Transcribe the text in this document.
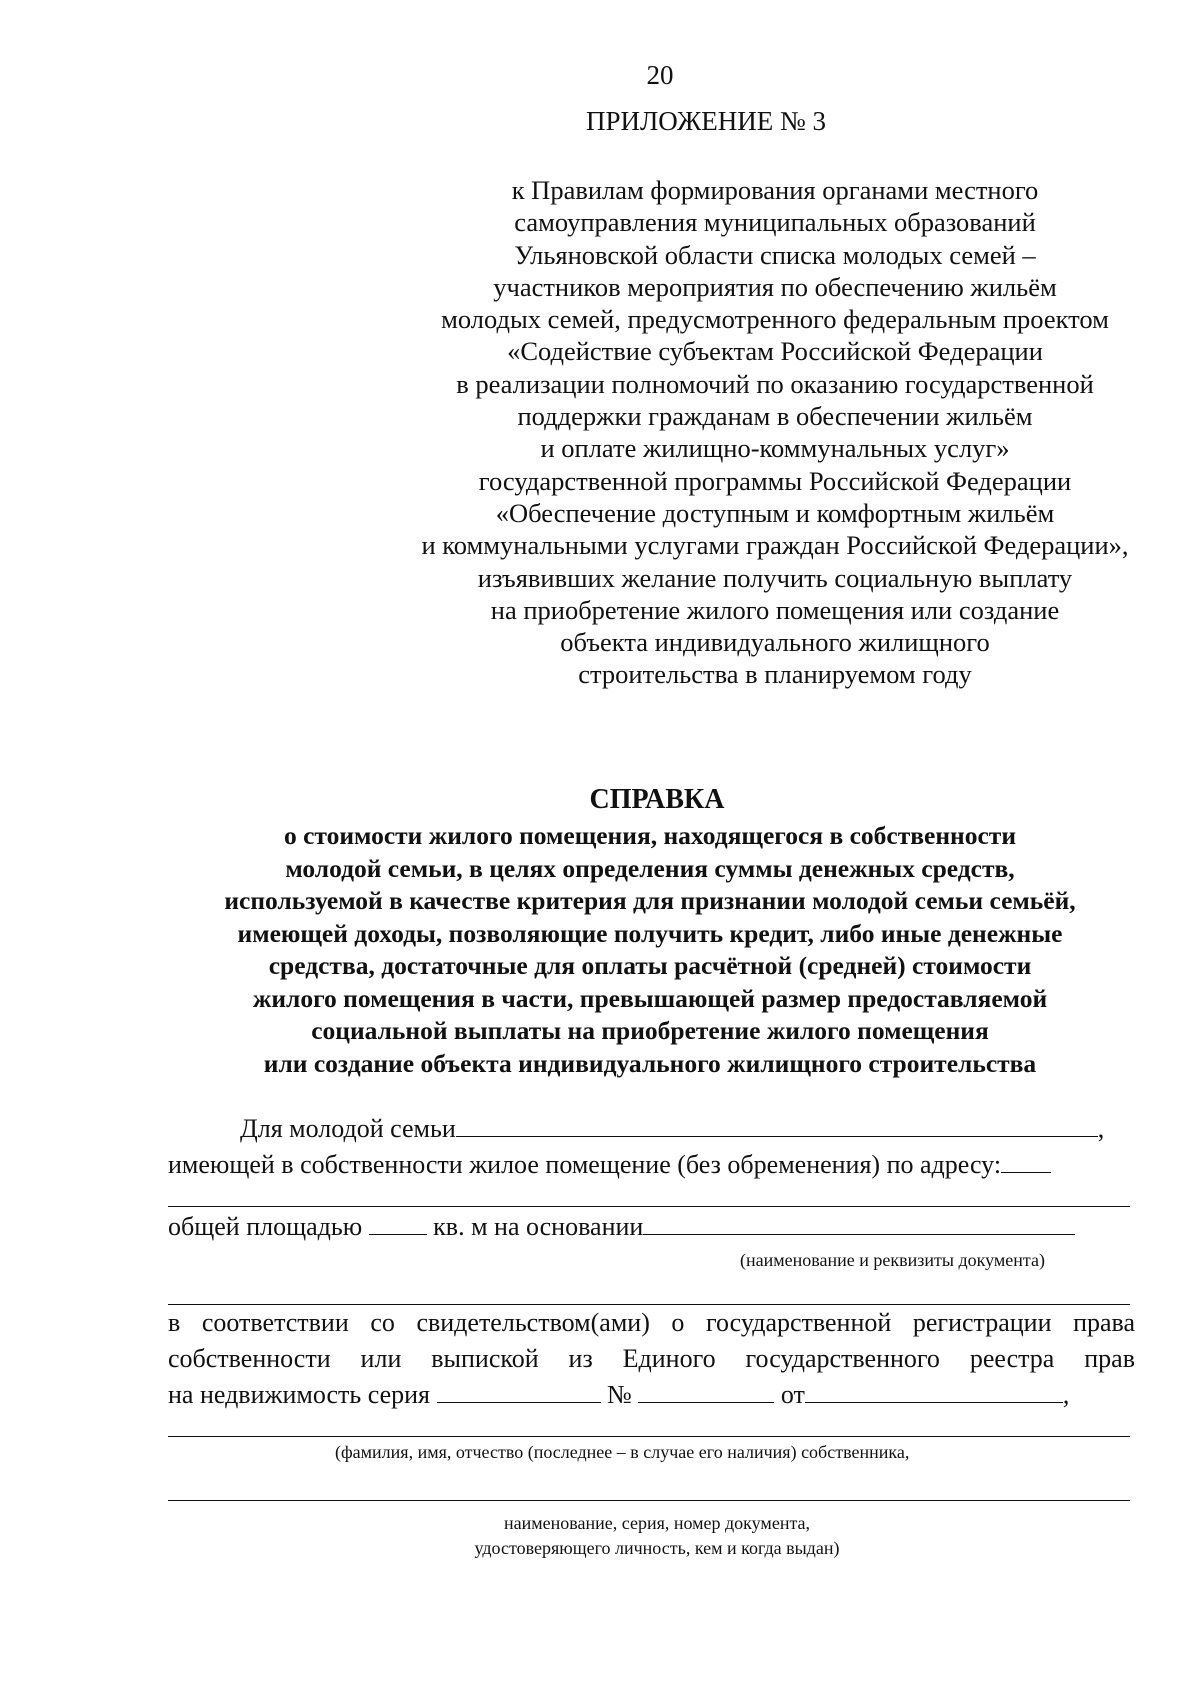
20
ПРИЛОЖЕНИЕ № 3
к Правилам формирования органами местного
самоуправления муниципальных образований
Ульяновской области списка молодых семей –
участников мероприятия по обеспечению жильём
молодых семей, предусмотренного федеральным проектом
«Содействие субъектам Российской Федерации
в реализации полномочий по оказанию государственной
поддержки гражданам в обеспечении жильём
и оплате жилищно-коммунальных услуг»
государственной программы Российской Федерации
«Обеспечение доступным и комфортным жильём
и коммунальными услугами граждан Российской Федерации»,
изъявивших желание получить социальную выплату
на приобретение жилого помещения или создание
объекта индивидуального жилищного
строительства в планируемом году
СПРАВКА
о стоимости жилого помещения, находящегося в собственности
молодой семьи, в целях определения суммы денежных средств,
используемой в качестве критерия для признании молодой семьи семьёй,
имеющей доходы, позволяющие получить кредит, либо иные денежные
средства, достаточные для оплаты расчётной (средней) стоимости
жилого помещения в части, превышающей размер предоставляемой
социальной выплаты на приобретение жилого помещения
или создание объекта индивидуального жилищного строительства
Для молодой семьи	,
имеющей в собственности жилое помещение (без обременения) по адресу:
общей площадью	кв. м на основании
(наименование и реквизиты документа)
в соответствии со свидетельством(ами) о государственной регистрации права
собственности или выпиской из Единого государственного реестра прав
на недвижимость серия	№	от	,
(фамилия, имя, отчество (последнее – в случае его наличия) собственника,
наименование, серия, номер документа,
удостоверяющего личность, кем и когда выдан)
